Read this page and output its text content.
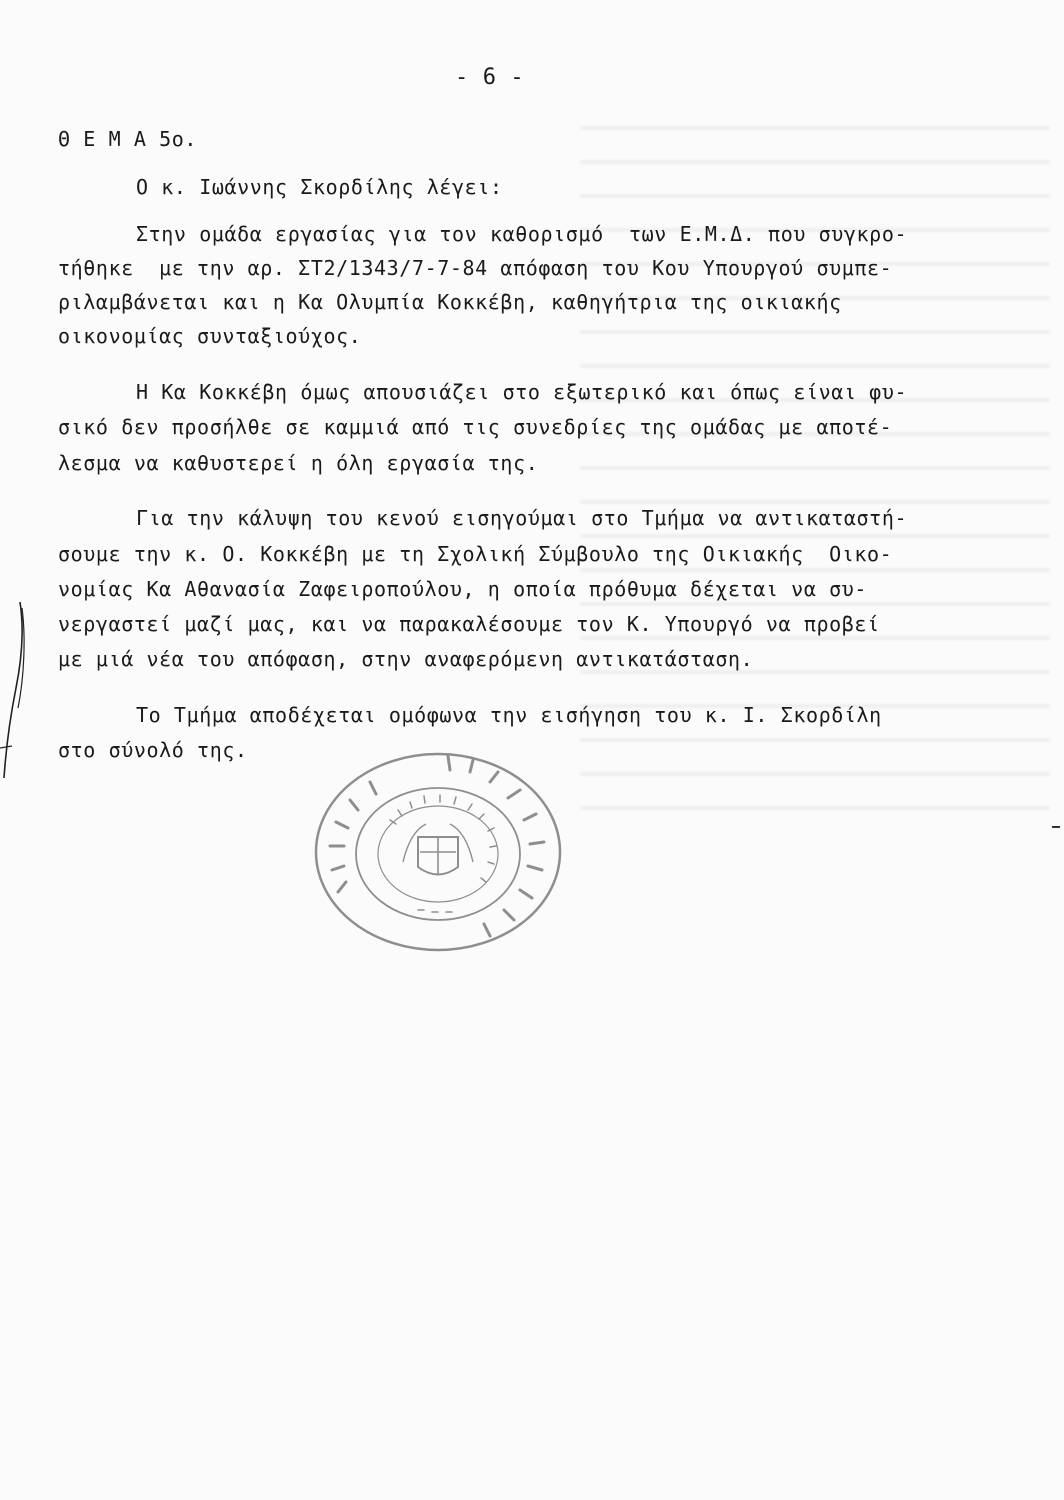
- 6 -
Θ Ε Μ Α 5ο.
Ο κ. Ιωάννης Σκορδίλης λέγει:
Στην ομάδα εργασίας για τον καθορισμό  των Ε.Μ.Δ. που συγκρο-
τήθηκε  με την αρ. ΣΤ2/1343/7-7-84 απόφαση του Κου Υπουργού συμπε-
ριλαμβάνεται και η Κα Ολυμπία Κοκκέβη, καθηγήτρια της οικιακής
οικονομίας συνταξιούχος.
Η Κα Κοκκέβη όμως απουσιάζει στο εξωτερικό και όπως είναι φυ-
σικό δεν προσήλθε σε καμμιά από τις συνεδρίες της ομάδας με αποτέ-
λεσμα να καθυστερεί η όλη εργασία της.
Για την κάλυψη του κενού εισηγούμαι στο Τμήμα να αντικαταστή-
σουμε την κ. Ο. Κοκκέβη με τη Σχολική Σύμβουλο της Οικιακής  Οικο-
νομίας Κα Αθανασία Ζαφειροπούλου, η οποία πρόθυμα δέχεται να συ-
νεργαστεί μαζί μας, και να παρακαλέσουμε τον Κ. Υπουργό να προβεί
με μιά νέα του απόφαση, στην αναφερόμενη αντικατάσταση.
Το Τμήμα αποδέχεται ομόφωνα την εισήγηση του κ. Ι. Σκορδίλη
στο σύνολό της.
